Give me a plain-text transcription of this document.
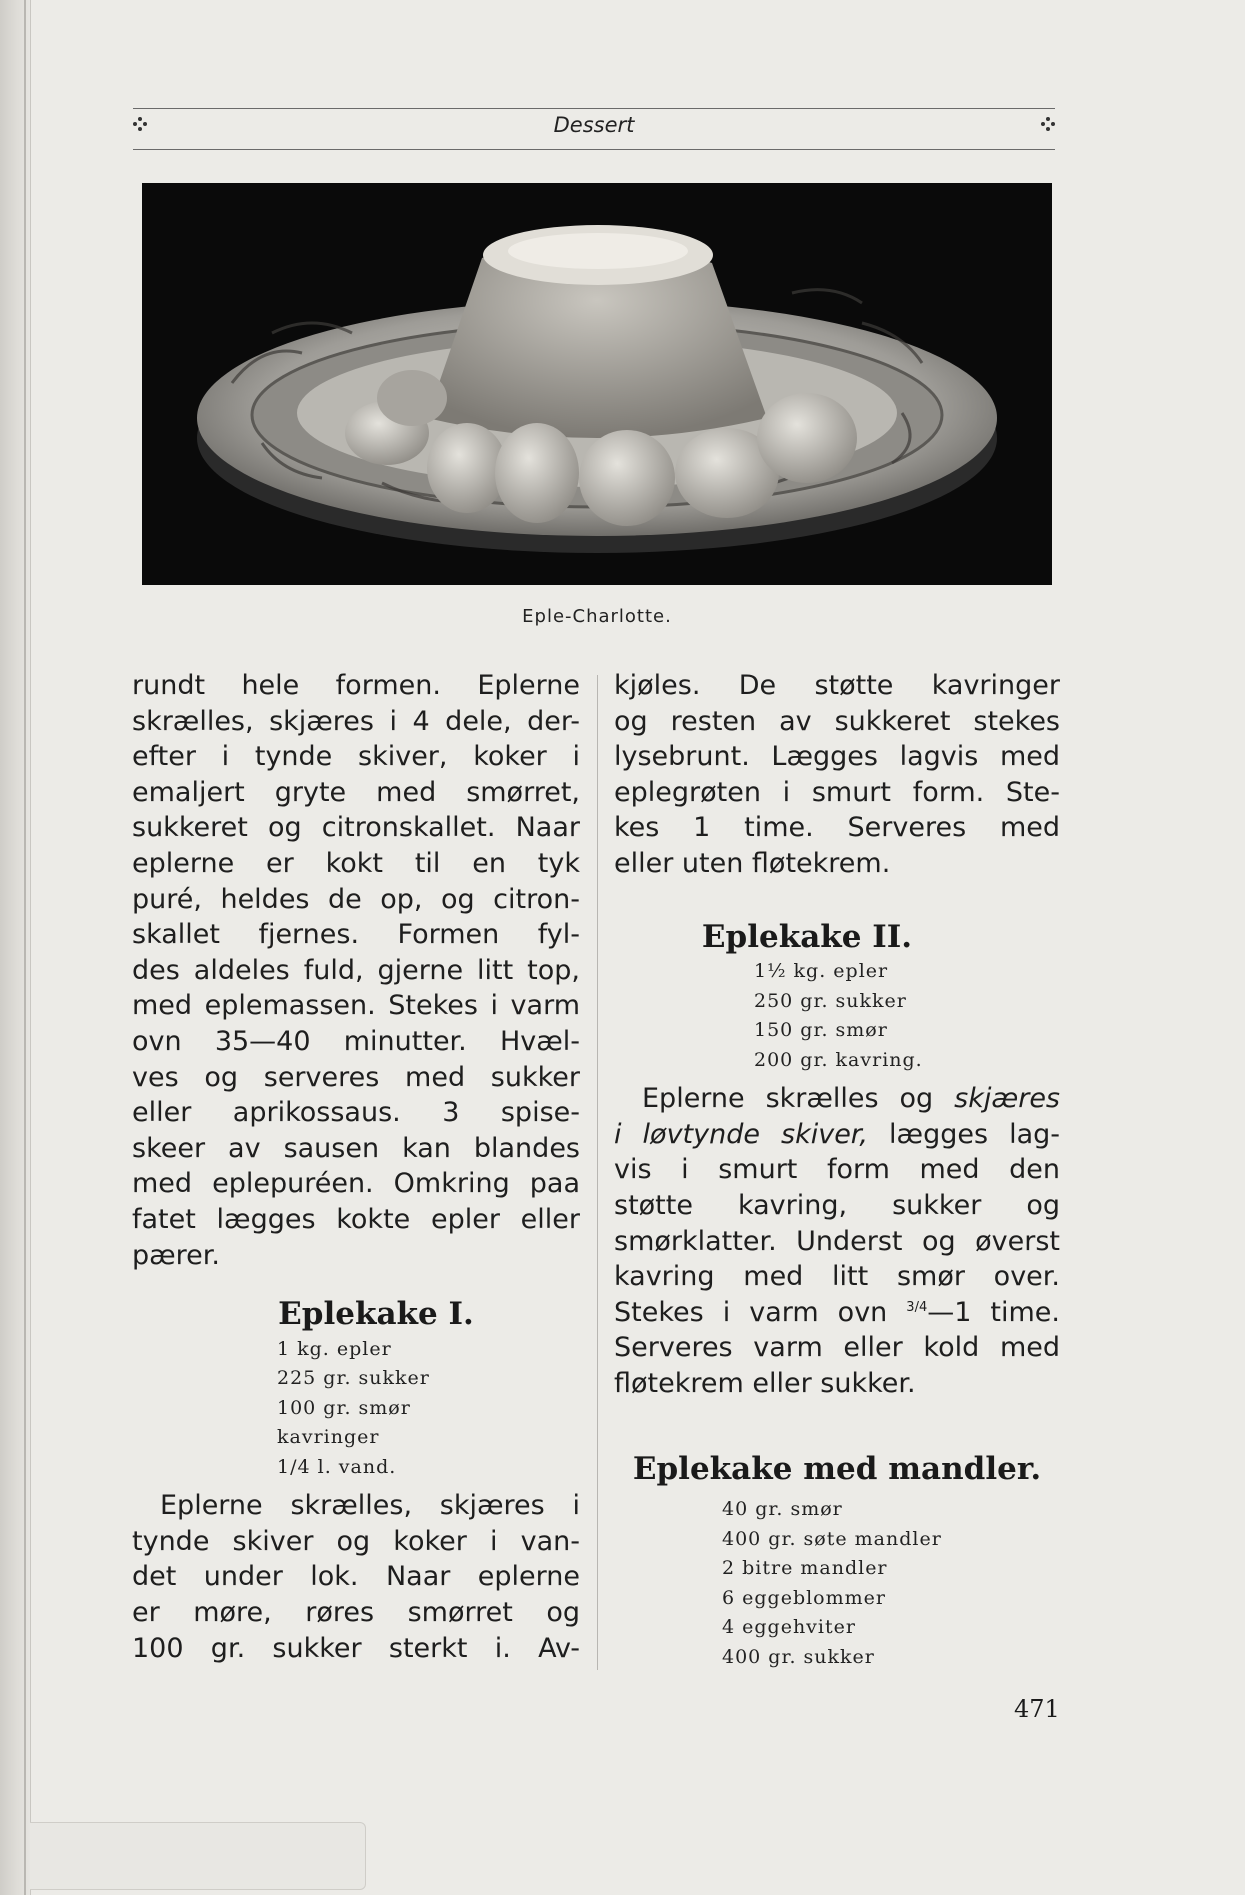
Dessert
Eple-Charlotte.

rundt hele formen. Eplerne
skrælles, skjæres i 4 dele, der-
efter i tynde skiver, koker i
emaljert gryte med smørret,
sukkeret og citronskallet. Naar
eplerne er kokt til en tyk
puré, heldes de op, og citron-
skallet fjernes. Formen fyl-
des aldeles fuld, gjerne litt top,
med eplemassen. Stekes i varm
ovn 35—40 minutter. Hvæl-
ves og serveres med sukker
eller aprikossaus. 3 spise-
skeer av sausen kan blandes
med eplepuréen. Omkring paa
fatet lægges kokte epler eller
pærer.

Eplekake I.
1 kg. epler
225 gr. sukker
100 gr. smør
kavringer
1/4 l. vand.

Eplerne skrælles, skjæres i
tynde skiver og koker i van-
det under lok. Naar eplerne
er møre, røres smørret og
100 gr. sukker sterkt i. Av-

kjøles. De støtte kavringer
og resten av sukkeret stekes
lysebrunt. Lægges lagvis med
eplegrøten i smurt form. Ste-
kes 1 time. Serveres med
eller uten fløtekrem.

Eplekake II.
1½ kg. epler
250 gr. sukker
150 gr. smør
200 gr. kavring.

Eplerne skrælles og skjæres
i løvtynde skiver, lægges lag-
vis i smurt form med den
støtte kavring, sukker og
smørklatter. Underst og øverst
kavring med litt smør over.
Stekes i varm ovn $^{3/4}$—1 time.
Serveres varm eller kold med
fløtekrem eller sukker.

Eplekake med mandler.
40 gr. smør
400 gr. søte mandler
2 bitre mandler
6 eggeblommer
4 eggehviter
400 gr. sukker
471
